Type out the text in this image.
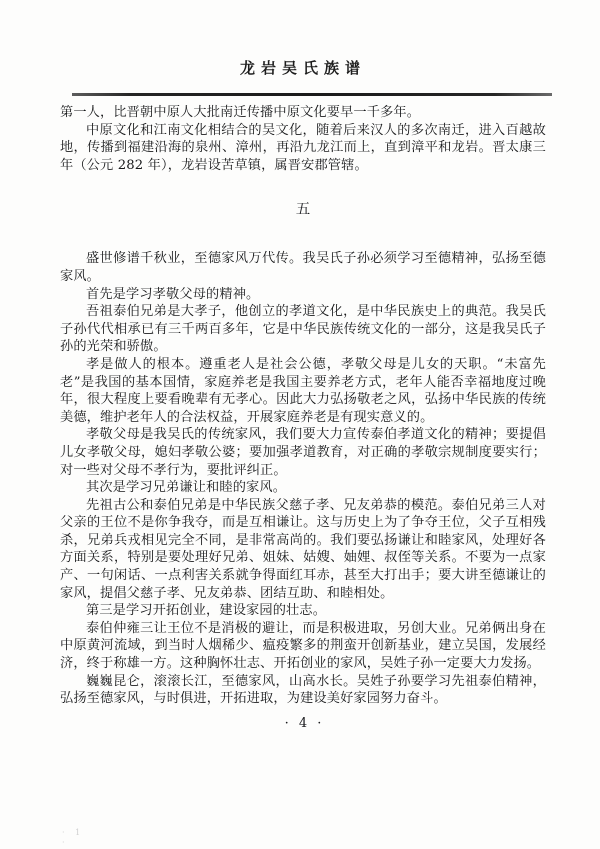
龙岩吴氏族谱

第一人，比晋朝中原人大批南迁传播中原文化要早一千多年。

中原文化和江南文化相结合的吴文化，随着后来汉人的多次南迁，进入百越故地，传播到福建沿海的泉州、漳州，再沿九龙江而上，直到漳平和龙岩。晋太康三年（公元 282 年），龙岩设苦草镇，属晋安郡管辖。

五

盛世修谱千秋业，至德家风万代传。我吴氏子孙必须学习至德精神，弘扬至德家风。

首先是学习孝敬父母的精神。

吾祖泰伯兄弟是大孝子，他创立的孝道文化，是中华民族史上的典范。我吴氏子孙代代相承已有三千两百多年，它是中华民族传统文化的一部分，这是我吴氏子孙的光荣和骄傲。

孝是做人的根本。遵重老人是社会公德，孝敬父母是儿女的天职。“未富先老”是我国的基本国情，家庭养老是我国主要养老方式，老年人能否幸福地度过晚年，很大程度上要看晚辈有无孝心。因此大力弘扬敬老之风，弘扬中华民族的传统美德，维护老年人的合法权益，开展家庭养老是有现实意义的。

孝敬父母是我吴氏的传统家风，我们要大力宣传泰伯孝道文化的精神；要提倡儿女孝敬父母，媳妇孝敬公婆；要加强孝道教育，对正确的孝敬宗规制度要实行；对一些对父母不孝行为，要批评纠正。

其次是学习兄弟谦让和睦的家风。

先祖古公和泰伯兄弟是中华民族父慈子孝、兄友弟恭的模范。泰伯兄弟三人对父亲的王位不是你争我夺，而是互相谦让。这与历史上为了争夺王位，父子互相残杀，兄弟兵戎相见完全不同，是非常高尚的。我们要弘扬谦让和睦家风，处理好各方面关系，特别是要处理好兄弟、姐妹、姑嫂、妯娌、叔侄等关系。不要为一点家产、一句闲话、一点利害关系就争得面红耳赤，甚至大打出手；要大讲至德谦让的家风，提倡父慈子孝、兄友弟恭、团结互助、和睦相处。

第三是学习开拓创业，建设家园的壮志。

泰伯仲雍三让王位不是消极的避让，而是积极进取，另创大业。兄弟俩出身在中原黄河流域，到当时人烟稀少、瘟疫繁多的荆蛮开创新基业，建立吴国，发展经济，终于称雄一方。这种胸怀壮志、开拓创业的家风，吴姓子孙一定要大力发扬。

巍巍昆仑，滚滚长江，至德家风，山高水长。吴姓子孙要学习先祖泰伯精神，弘扬至德家风，与时俱进，开拓进取，为建设美好家园努力奋斗。

· 4 ·
· 1 ·
